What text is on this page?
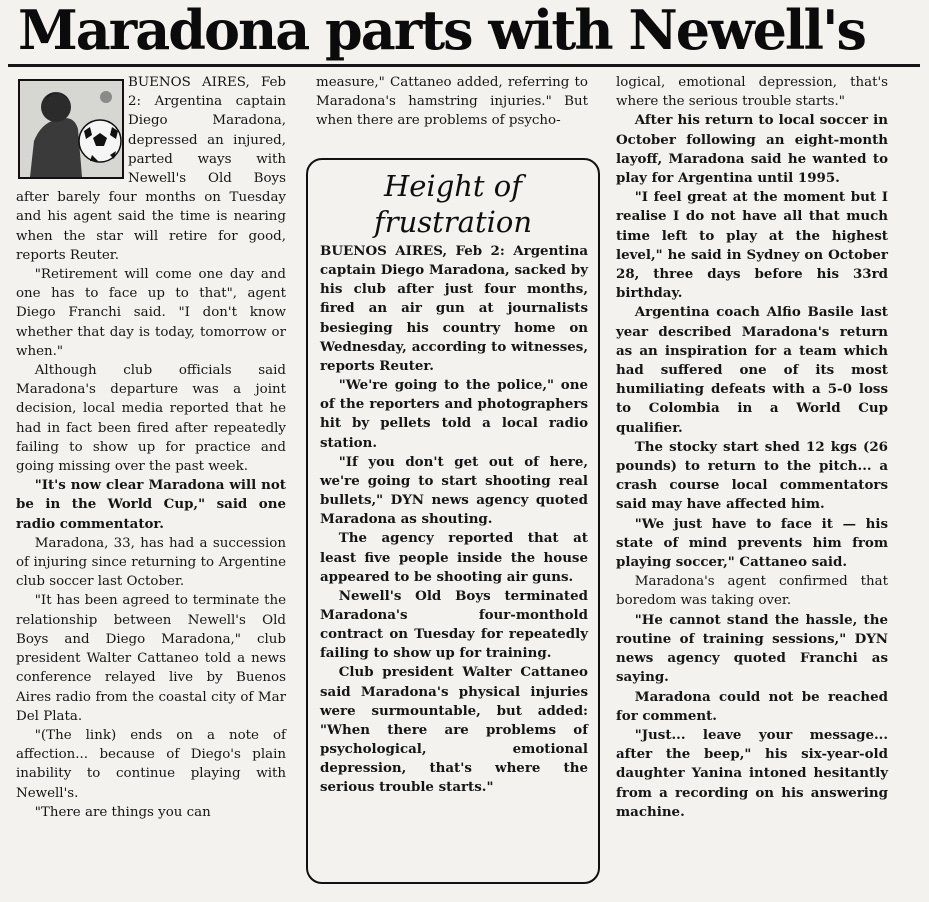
Maradona parts with Newell's

BUENOS AIRES, Feb 2: Argentina captain Diego Maradona, depressed an injured, parted ways with Newell's Old Boys after barely four months on Tuesday and his agent said the time is nearing when the star will retire for good, reports Reuter.

"Retirement will come one day and one has to face up to that", agent Diego Franchi said. "I don't know whether that day is today, tomorrow or when."

Although club officials said Maradona's departure was a joint decision, local media reported that he had in fact been fired after repeatedly failing to show up for practice and going missing over the past week.

"It's now clear Maradona will not be in the World Cup," said one radio commentator.

Maradona, 33, has had a succession of injuring since returning to Argentine club soccer last October.

"It has been agreed to terminate the relationship between Newell's Old Boys and Diego Maradona," club president Walter Cattaneo told a news conference relayed live by Buenos Aires radio from the coastal city of Mar Del Plata.

"(The link) ends on a note of affection... because of Diego's plain inability to continue playing with Newell's.

"There are things you can

measure," Cattaneo added, referring to Maradona's hamstring injuries." But when there are problems of psycho-

Height of frustration

BUENOS AIRES, Feb 2: Argentina captain Diego Maradona, sacked by his club after just four months, fired an air gun at journalists besieging his country home on Wednesday, according to witnesses, reports Reuter.

"We're going to the police," one of the reporters and photographers hit by pellets told a local radio station.

"If you don't get out of here, we're going to start shooting real bullets," DYN news agency quoted Maradona as shouting.

The agency reported that at least five people inside the house appeared to be shooting air guns.

Newell's Old Boys terminated Maradona's four-monthold contract on Tuesday for repeatedly failing to show up for training.

Club president Walter Cattaneo said Maradona's physical injuries were surmountable, but added: "When there are problems of psychological, emotional depression, that's where the serious trouble starts."

logical, emotional depression, that's where the serious trouble starts."

After his return to local soccer in October following an eight-month layoff, Maradona said he wanted to play for Argentina until 1995.

"I feel great at the moment but I realise I do not have all that much time left to play at the highest level," he said in Sydney on October 28, three days before his 33rd birthday.

Argentina coach Alfio Basile last year described Maradona's return as an inspiration for a team which had suffered one of its most humiliating defeats with a 5-0 loss to Colombia in a World Cup qualifier.

The stocky start shed 12 kgs (26 pounds) to return to the pitch... a crash course local commentators said may have affected him.

"We just have to face it — his state of mind prevents him from playing soccer," Cattaneo said.

Maradona's agent confirmed that boredom was taking over.

"He cannot stand the hassle, the routine of training sessions," DYN news agency quoted Franchi as saying.

Maradona could not be reached for comment.

"Just... leave your message... after the beep," his six-year-old daughter Yanina intoned hesitantly from a recording on his answering machine.
